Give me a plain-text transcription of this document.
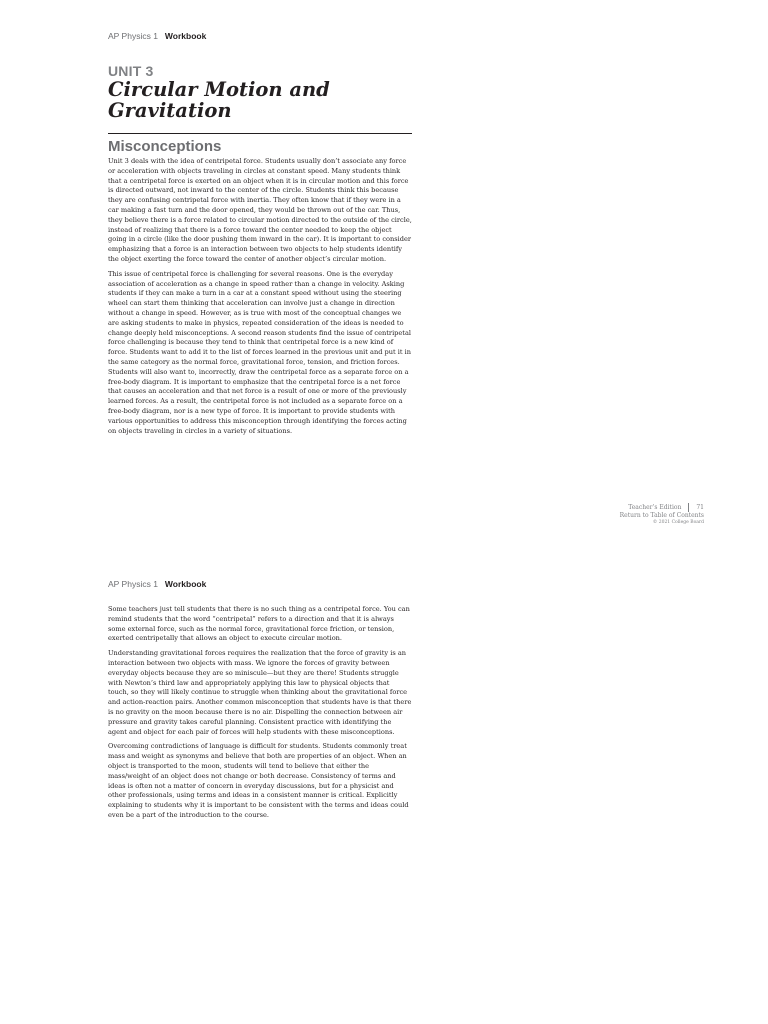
AP Physics 1 Workbook
UNIT 3
Circular Motion and Gravitation
Misconceptions

Unit 3 deals with the idea of centripetal force. Students usually don’t associate any force or acceleration with objects traveling in circles at constant speed. Many students think that a centripetal force is exerted on an object when it is in circular motion and this force is directed outward, not inward to the center of the circle. Students think this because they are confusing centripetal force with inertia. They often know that if they were in a car making a fast turn and the door opened, they would be thrown out of the car. Thus, they believe there is a force related to circular motion directed to the outside of the circle, instead of realizing that there is a force toward the center needed to keep the object going in a circle (like the door pushing them inward in the car). It is important to consider emphasizing that a force is an interaction between two objects to help students identify the object exerting the force toward the center of another object’s circular motion.

This issue of centripetal force is challenging for several reasons. One is the everyday association of acceleration as a change in speed rather than a change in velocity. Asking students if they can make a turn in a car at a constant speed without using the steering wheel can start them thinking that acceleration can involve just a change in direction without a change in speed. However, as is true with most of the conceptual changes we are asking students to make in physics, repeated consideration of the ideas is needed to change deeply held misconceptions. A second reason students find the issue of centripetal force challenging is because they tend to think that centripetal force is a new kind of force. Students want to add it to the list of forces learned in the previous unit and put it in the same category as the normal force, gravitational force, tension, and friction forces. Students will also want to, incorrectly, draw the centripetal force as a separate force on a free-body diagram. It is important to emphasize that the centripetal force is a net force that causes an acceleration and that net force is a result of one or more of the previously learned forces. As a result, the centripetal force is not included as a separate force on a free-body diagram, nor is a new type of force. It is important to provide students with various opportunities to address this misconception through identifying the forces acting on objects traveling in circles in a variety of situations.

Teacher’s Edition	71
Return to Table of Contents
© 2021 College Board
AP Physics 1 Workbook

Some teachers just tell students that there is no such thing as a centripetal force. You can remind students that the word “centripetal” refers to a direction and that it is always some external force, such as the normal force, gravitational force friction, or tension, exerted centripetally that allows an object to execute circular motion.

Understanding gravitational forces requires the realization that the force of gravity is an interaction between two objects with mass. We ignore the forces of gravity between everyday objects because they are so miniscule—but they are there! Students struggle with Newton’s third law and appropriately applying this law to physical objects that touch, so they will likely continue to struggle when thinking about the gravitational force and action-reaction pairs. Another common misconception that students have is that there is no gravity on the moon because there is no air. Dispelling the connection between air pressure and gravity takes careful planning. Consistent practice with identifying the agent and object for each pair of forces will help students with these misconceptions.

Overcoming contradictions of language is difficult for students. Students commonly treat mass and weight as synonyms and believe that both are properties of an object. When an object is transported to the moon, students will tend to believe that either the mass/weight of an object does not change or both decrease. Consistency of terms and ideas is often not a matter of concern in everyday discussions, but for a physicist and other professionals, using terms and ideas in a consistent manner is critical. Explicitly explaining to students why it is important to be consistent with the terms and ideas could even be a part of the introduction to the course.
